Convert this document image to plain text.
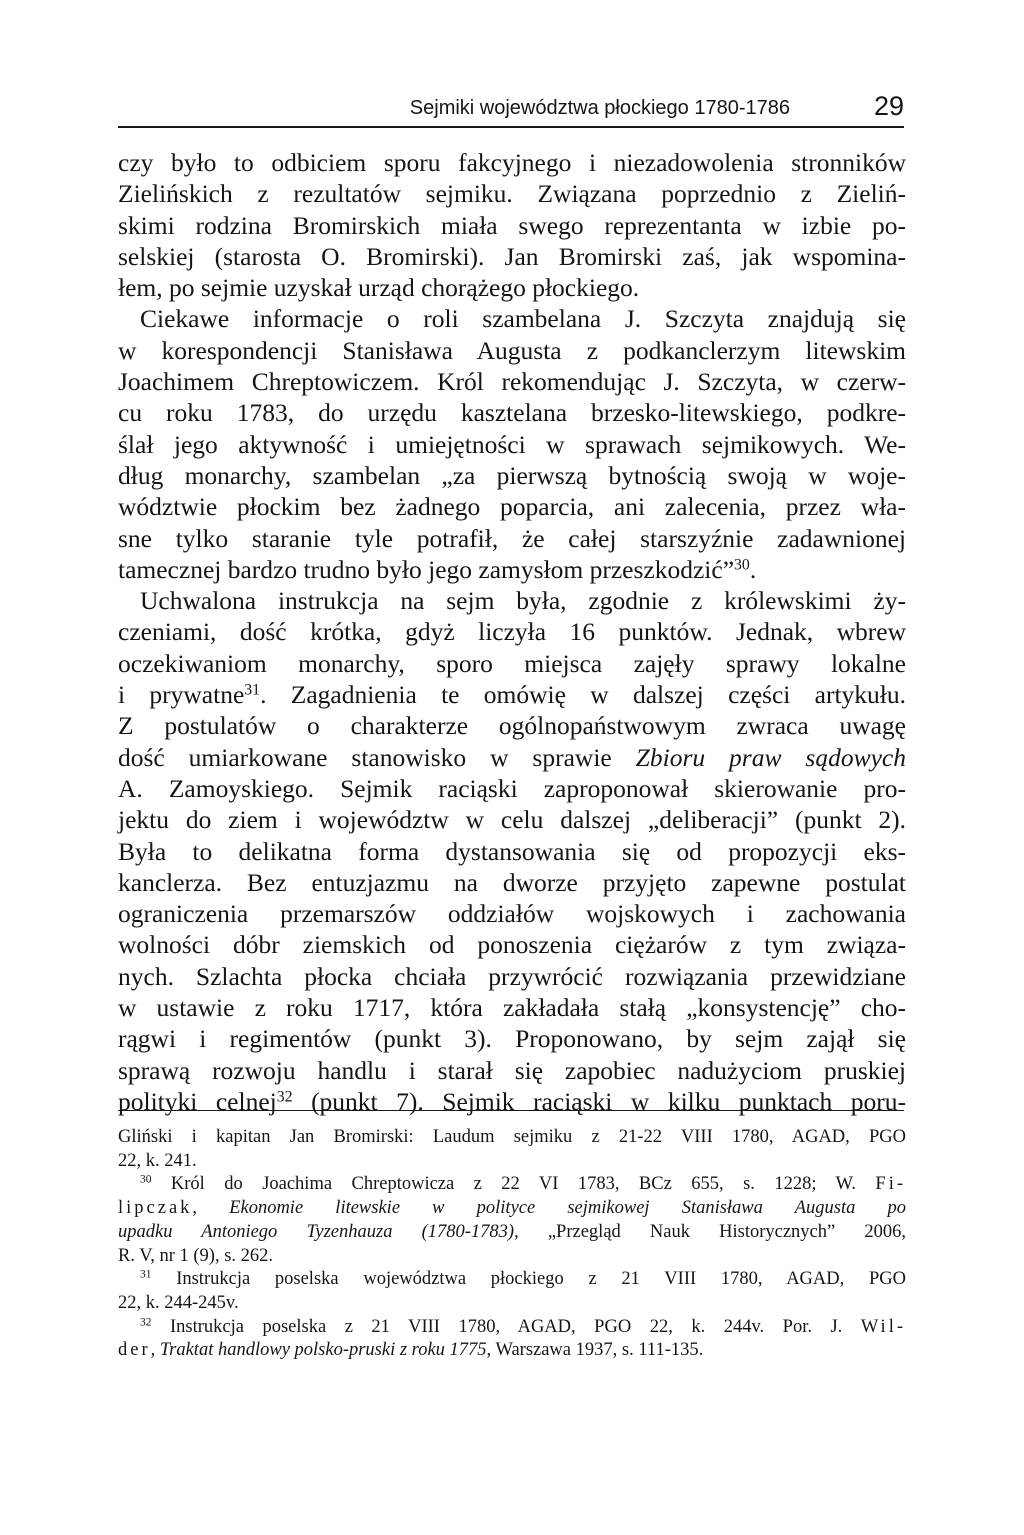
Sejmiki województwa płockiego 1780-1786	29
czy było to odbiciem sporu fakcyjnego i niezadowolenia stronników
Zielińskich z rezultatów sejmiku. Związana poprzednio z Zieliń-
skimi rodzina Bromirskich miała swego reprezentanta w izbie po-
selskiej (starosta O. Bromirski). Jan Bromirski zaś, jak wspomina-
łem, po sejmie uzyskał urząd chorążego płockiego.
Ciekawe informacje o roli szambelana J. Szczyta znajdują się
w korespondencji Stanisława Augusta z podkanclerzym litewskim
Joachimem Chreptowiczem. Król rekomendując J. Szczyta, w czerw-
cu roku 1783, do urzędu kasztelana brzesko-litewskiego, podkre-
ślał jego aktywność i umiejętności w sprawach sejmikowych. We-
dług monarchy, szambelan „za pierwszą bytnością swoją w woje-
wództwie płockim bez żadnego poparcia, ani zalecenia, przez wła-
sne tylko staranie tyle potrafił, że całej starszyźnie zadawnionej
tamecznej bardzo trudno było jego zamysłom przeszkodzić”$^{30}$.
Uchwalona instrukcja na sejm była, zgodnie z królewskimi ży-
czeniami, dość krótka, gdyż liczyła 16 punktów. Jednak, wbrew
oczekiwaniom monarchy, sporo miejsca zajęły sprawy lokalne
i prywatne$^{31}$. Zagadnienia te omówię w dalszej części artykułu.
Z postulatów o charakterze ogólnopaństwowym zwraca uwagę
dość umiarkowane stanowisko w sprawie Zbioru praw sądowych
A. Zamoyskiego. Sejmik raciąski zaproponował skierowanie pro-
jektu do ziem i województw w celu dalszej „deliberacji” (punkt 2).
Była to delikatna forma dystansowania się od propozycji eks-
kanclerza. Bez entuzjazmu na dworze przyjęto zapewne postulat
ograniczenia przemarszów oddziałów wojskowych i zachowania
wolności dóbr ziemskich od ponoszenia ciężarów z tym związa-
nych. Szlachta płocka chciała przywrócić rozwiązania przewidziane
w ustawie z roku 1717, która zakładała stałą „konsystencję” cho-
rągwi i regimentów (punkt 3). Proponowano, by sejm zajął się
sprawą rozwoju handlu i starał się zapobiec nadużyciom pruskiej
polityki celnej$^{32}$ (punkt 7). Sejmik raciąski w kilku punktach poru-
Gliński i kapitan Jan Bromirski: Laudum sejmiku z 21-22 VIII 1780, AGAD, PGO
22, k. 241.
$^{30}$ Król do Joachima Chreptowicza z 22 VI 1783, BCz 655, s. 1228; W. Fi-
lipczak, Ekonomie litewskie w polityce sejmikowej Stanisława Augusta po
upadku Antoniego Tyzenhauza (1780-1783), „Przegląd Nauk Historycznych” 2006,
R. V, nr 1 (9), s. 262.
$^{31}$ Instrukcja poselska województwa płockiego z 21 VIII 1780, AGAD, PGO
22, k. 244-245v.
$^{32}$ Instrukcja poselska z 21 VIII 1780, AGAD, PGO 22, k. 244v. Por. J. Wil-
der, Traktat handlowy polsko-pruski z roku 1775, Warszawa 1937, s. 111-135.
